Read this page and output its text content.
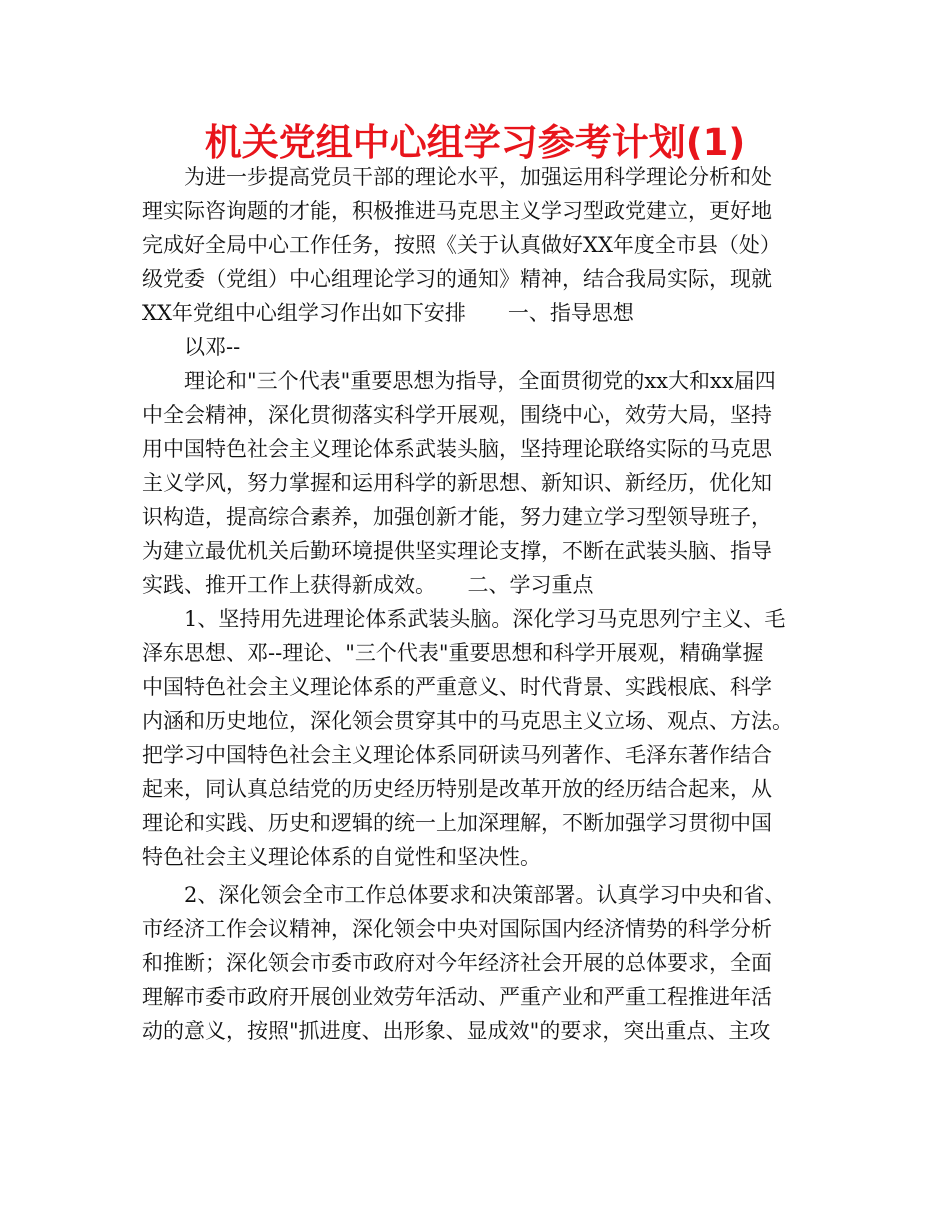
机关党组中心组学习参考计划(1)
为进一步提高党员干部的理论水平，加强运用科学理论分析和处
理实际咨询题的才能，积极推进马克思主义学习型政党建立，更好地
完成好全局中心工作任务，按照《关于认真做好XX年度全市县（处）
级党委（党组）中心组理论学习的通知》精神，结合我局实际，现就
XX年党组中心组学习作出如下安排　　一、指导思想
以邓--
理论和"三个代表"重要思想为指导，全面贯彻党的xx大和xx届四
中全会精神，深化贯彻落实科学开展观，围绕中心，效劳大局，坚持
用中国特色社会主义理论体系武装头脑，坚持理论联络实际的马克思
主义学风，努力掌握和运用科学的新思想、新知识、新经历，优化知
识构造，提高综合素养，加强创新才能，努力建立学习型领导班子，
为建立最优机关后勤环境提供坚实理论支撑，不断在武装头脑、指导
实践、推开工作上获得新成效。　　二、学习重点
1、坚持用先进理论体系武装头脑。深化学习马克思列宁主义、毛
泽东思想、邓--理论、"三个代表"重要思想和科学开展观，精确掌握
中国特色社会主义理论体系的严重意义、时代背景、实践根底、科学
内涵和历史地位，深化领会贯穿其中的马克思主义立场、观点、方法。
把学习中国特色社会主义理论体系同研读马列著作、毛泽东著作结合
起来，同认真总结党的历史经历特别是改革开放的经历结合起来，从
理论和实践、历史和逻辑的统一上加深理解，不断加强学习贯彻中国
特色社会主义理论体系的自觉性和坚决性。
2、深化领会全市工作总体要求和决策部署。认真学习中央和省、
市经济工作会议精神，深化领会中央对国际国内经济情势的科学分析
和推断；深化领会市委市政府对今年经济社会开展的总体要求，全面
理解市委市政府开展创业效劳年活动、严重产业和严重工程推进年活
动的意义，按照"抓进度、出形象、显成效"的要求，突出重点、主攻
